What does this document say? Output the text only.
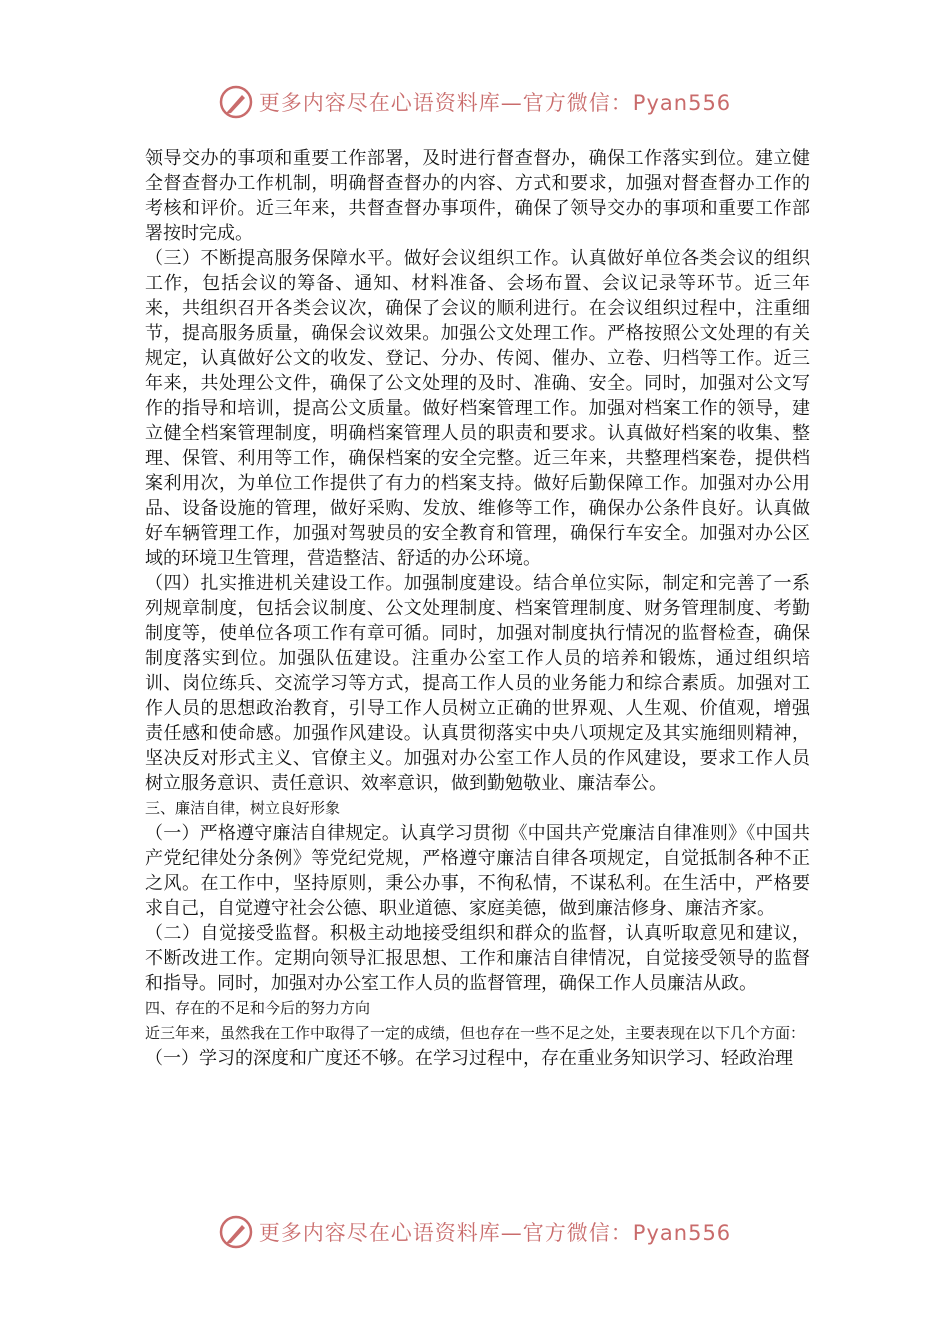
更多内容尽在心语资料库—官方微信：Pyan556

领导交办的事项和重要工作部署，及时进行督查督办，确保工作落实到位。建立健全督查督办工作机制，明确督查督办的内容、方式和要求，加强对督查督办工作的考核和评价。近三年来，共督查督办事项件，确保了领导交办的事项和重要工作部署按时完成。

（三）不断提高服务保障水平。做好会议组织工作。认真做好单位各类会议的组织工作，包括会议的筹备、通知、材料准备、会场布置、会议记录等环节。近三年来，共组织召开各类会议次，确保了会议的顺利进行。在会议组织过程中，注重细节，提高服务质量，确保会议效果。加强公文处理工作。严格按照公文处理的有关规定，认真做好公文的收发、登记、分办、传阅、催办、立卷、归档等工作。近三年来，共处理公文件，确保了公文处理的及时、准确、安全。同时，加强对公文写作的指导和培训，提高公文质量。做好档案管理工作。加强对档案工作的领导，建立健全档案管理制度，明确档案管理人员的职责和要求。认真做好档案的收集、整理、保管、利用等工作，确保档案的安全完整。近三年来，共整理档案卷，提供档案利用次，为单位工作提供了有力的档案支持。做好后勤保障工作。加强对办公用品、设备设施的管理，做好采购、发放、维修等工作，确保办公条件良好。认真做好车辆管理工作，加强对驾驶员的安全教育和管理，确保行车安全。加强对办公区域的环境卫生管理，营造整洁、舒适的办公环境。

（四）扎实推进机关建设工作。加强制度建设。结合单位实际，制定和完善了一系列规章制度，包括会议制度、公文处理制度、档案管理制度、财务管理制度、考勤制度等，使单位各项工作有章可循。同时，加强对制度执行情况的监督检查，确保制度落实到位。加强队伍建设。注重办公室工作人员的培养和锻炼，通过组织培训、岗位练兵、交流学习等方式，提高工作人员的业务能力和综合素质。加强对工作人员的思想政治教育，引导工作人员树立正确的世界观、人生观、价值观，增强责任感和使命感。加强作风建设。认真贯彻落实中央八项规定及其实施细则精神，坚决反对形式主义、官僚主义。加强对办公室工作人员的作风建设，要求工作人员树立服务意识、责任意识、效率意识，做到勤勉敬业、廉洁奉公。

三、廉洁自律，树立良好形象

（一）严格遵守廉洁自律规定。认真学习贯彻《中国共产党廉洁自律准则》《中国共产党纪律处分条例》等党纪党规，严格遵守廉洁自律各项规定，自觉抵制各种不正之风。在工作中，坚持原则，秉公办事，不徇私情，不谋私利。在生活中，严格要求自己，自觉遵守社会公德、职业道德、家庭美德，做到廉洁修身、廉洁齐家。

（二）自觉接受监督。积极主动地接受组织和群众的监督，认真听取意见和建议，不断改进工作。定期向领导汇报思想、工作和廉洁自律情况，自觉接受领导的监督和指导。同时，加强对办公室工作人员的监督管理，确保工作人员廉洁从政。

四、存在的不足和今后的努力方向

近三年来，虽然我在工作中取得了一定的成绩，但也存在一些不足之处，主要表现在以下几个方面：

（一）学习的深度和广度还不够。在学习过程中，存在重业务知识学习、轻政治理

更多内容尽在心语资料库—官方微信：Pyan556
